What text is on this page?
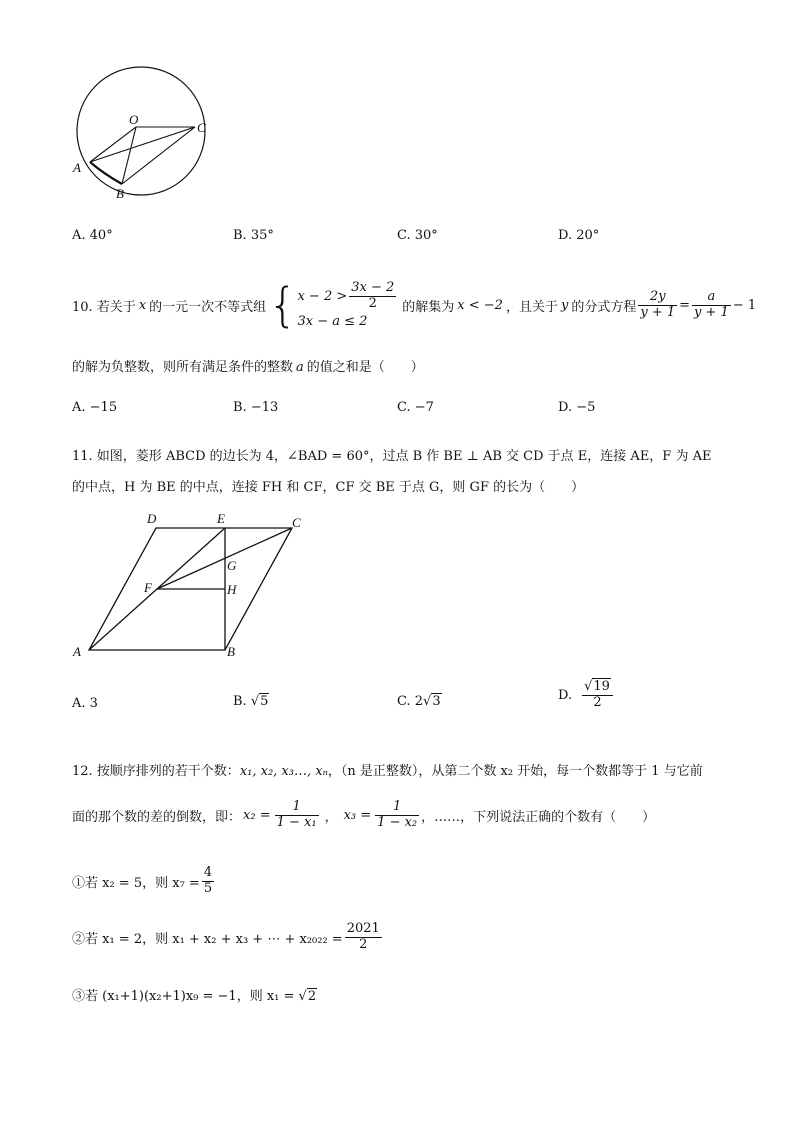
O
C
A
B
A. 40°	B. 35°	C. 30°	D. 20°
10. 若关于 x 的一元一次不等式组 { $x - 2 > \frac{3x - 2}{2}$
3x − a ≤ 2
的解集为 x < −2 ，且关于 y 的分式方程 $\frac{2y}{y + 1} = \frac{a}{y + 1} - 1$
的解为负整数，则所有满足条件的整数 a 的值之和是（　　）
A. −15	B. −13	C. −7	D. −5
11. 如图，菱形 ABCD 的边长为 4，∠BAD = 60°，过点 B 作 BE ⊥ AB 交 CD 于点 E，连接 AE，F 为 AE
的中点，H 为 BE 的中点，连接 FH 和 CF，CF 交 BE 于点 G，则 GF 的长为（　　）
D	E	C
G
F	H
A	B
A. 3	B. √5	C. 2√3	D. $\frac{√19}{2}$
12. 按顺序排列的若干个数：x₁, x₂, x₃…, xₙ，（n 是正整数），从第二个数 x₂ 开始，每一个数都等于 1 与它前
面的那个数的差的倒数，即： $x_2 = \frac{1}{\text{1 − x₁}}$ ， $x_3 = \frac{1}{\text{1 − x₂}}$ ，……，下列说法正确的个数有（　　）
①若 x₂ = 5，则 $x_7 = \frac{4}{5}$
②若 x₁ = 2，则 x₁ + x₂ + x₃ + ⋯ + $x_{2022} = \frac{2021}{2}$
③若 (x₁+1)(x₂+1)x₉ = −1，则 x₁ = √2
